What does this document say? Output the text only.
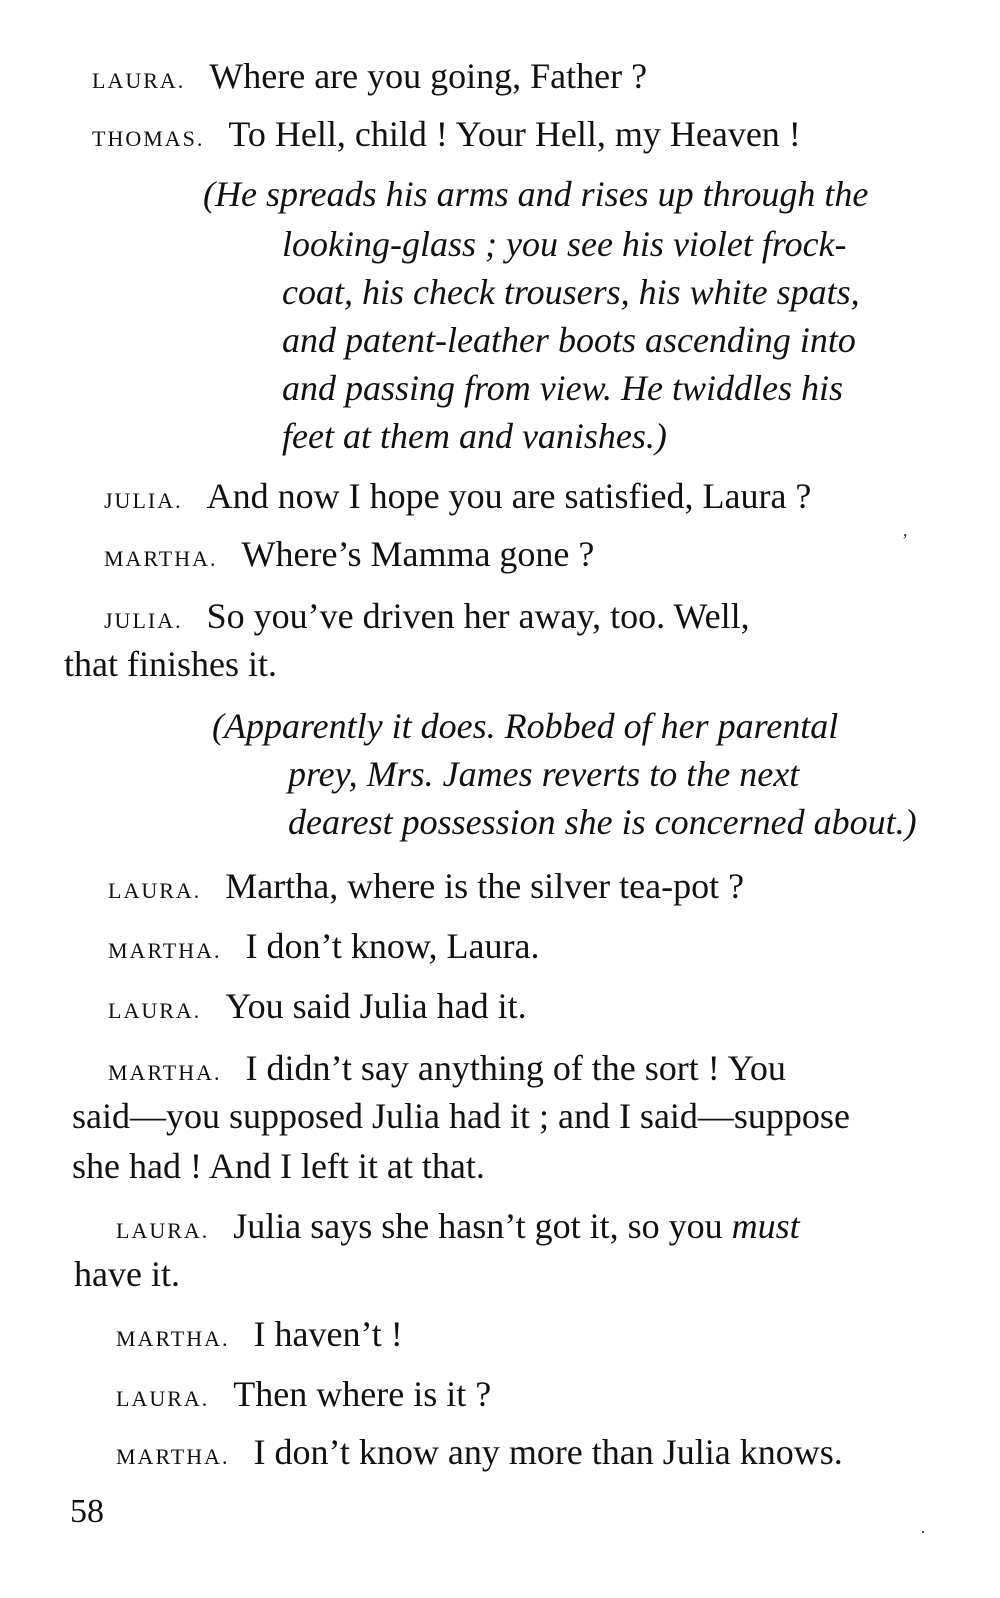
LAURA. Where are you going, Father ?
THOMAS. To Hell, child ! Your Hell, my Heaven !
(He spreads his arms and rises up through the
looking-glass ; you see his violet frock-
coat, his check trousers, his white spats,
and patent-leather boots ascending into
and passing from view. He twiddles his
feet at them and vanishes.)
JULIA. And now I hope you are satisfied, Laura ?
ʼ
MARTHA. Where’s Mamma gone ?
JULIA. So you’ve driven her away, too. Well,
that finishes it.
(Apparently it does. Robbed of her parental
prey, Mrs. James reverts to the next
dearest possession she is concerned about.)
LAURA. Martha, where is the silver tea-pot ?
MARTHA. I don’t know, Laura.
LAURA. You said Julia had it.
MARTHA. I didn’t say anything of the sort ! You
said—you supposed Julia had it ; and I said—suppose
she had ! And I left it at that.
LAURA. Julia says she hasn’t got it, so you must
have it.
MARTHA. I haven’t !
LAURA. Then where is it ?
MARTHA. I don’t know any more than Julia knows.
58
·
